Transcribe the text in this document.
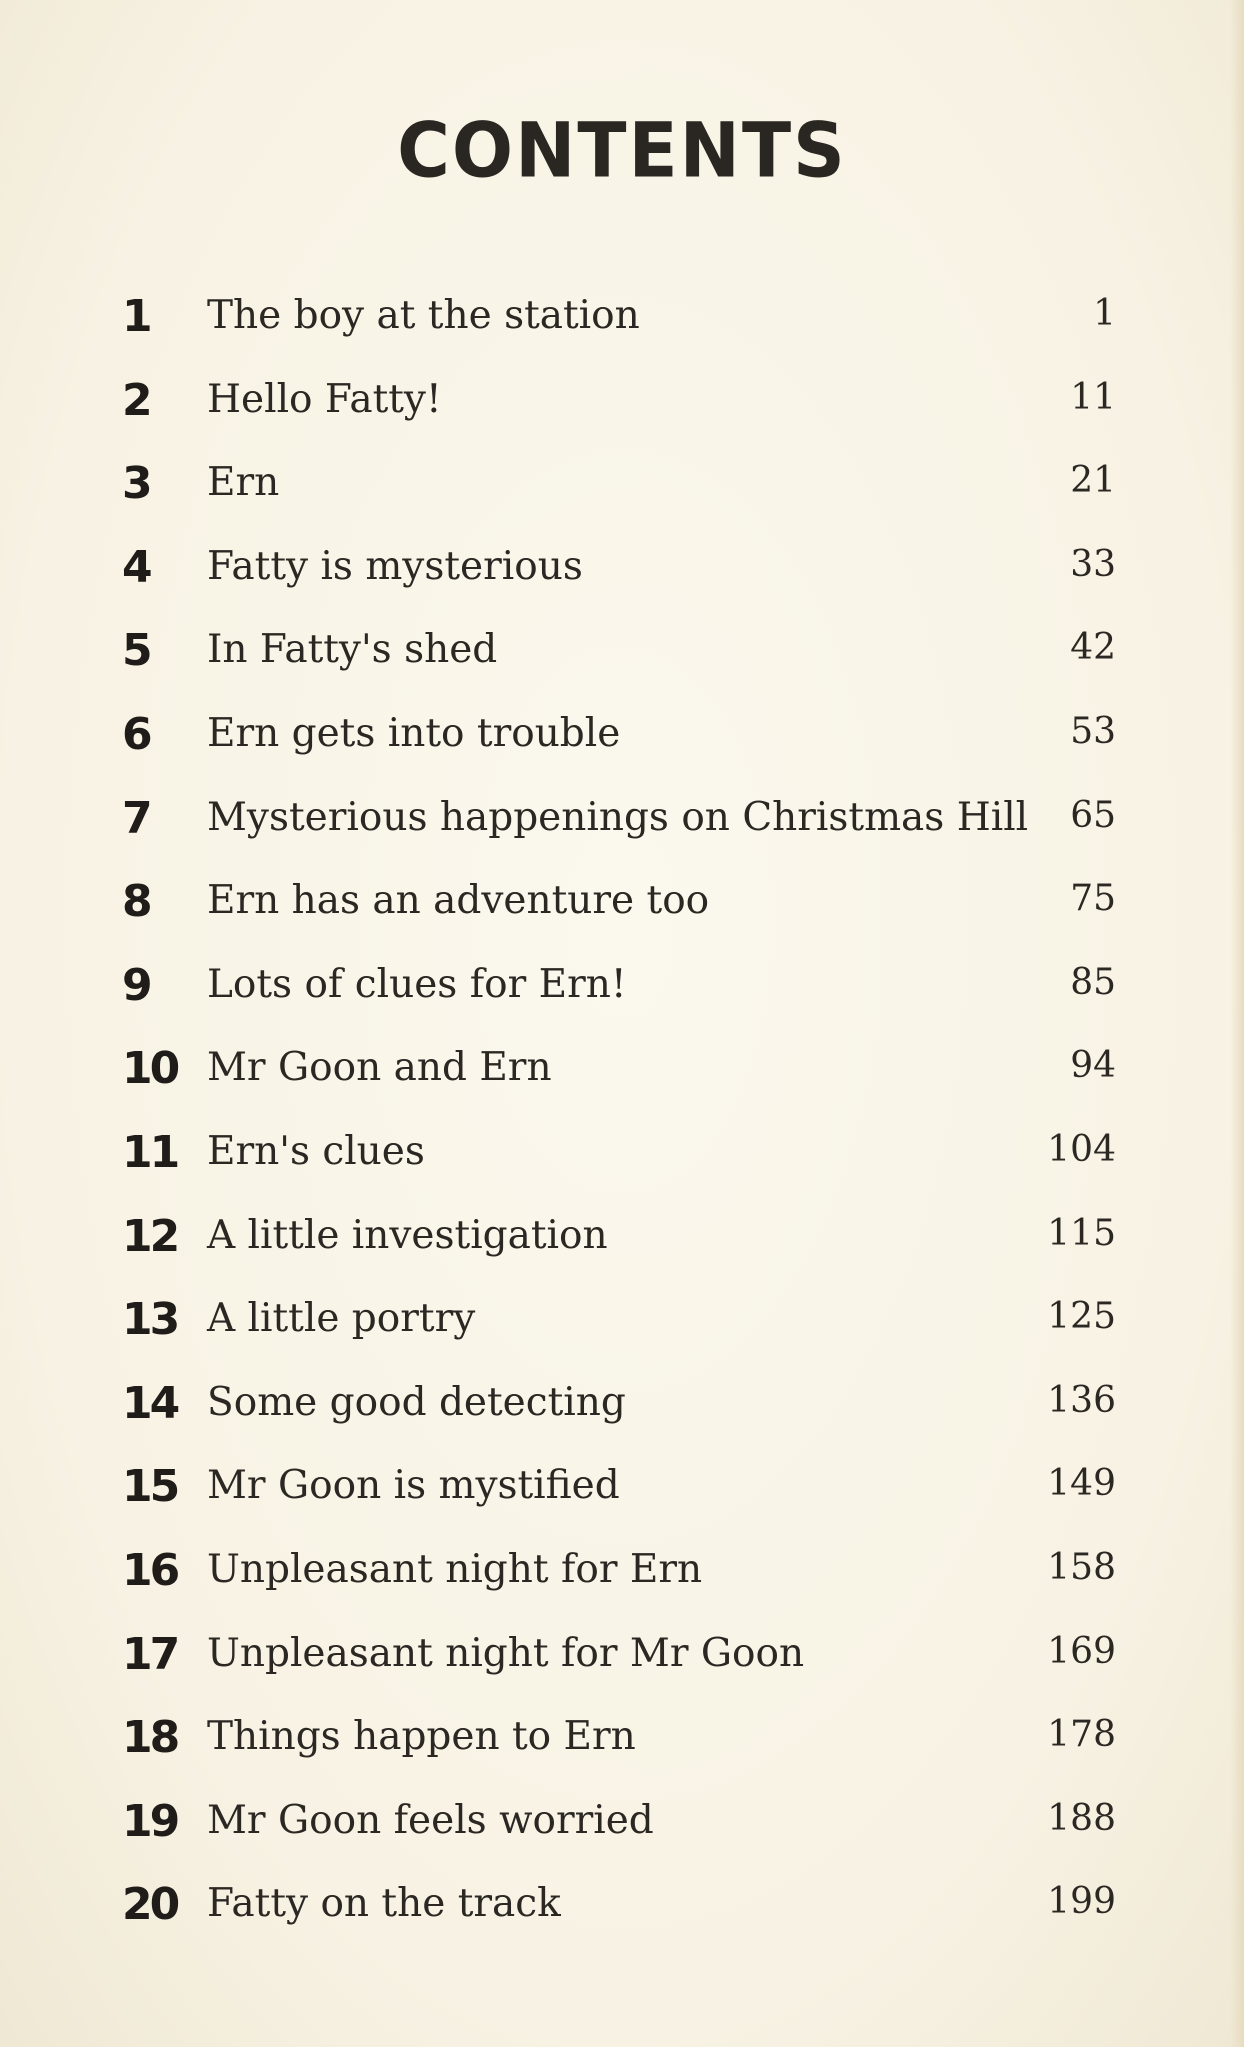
CONTENTS
1	The boy at the station	1
2	Hello Fatty!	11
3	Ern	21
4	Fatty is mysterious	33
5	In Fatty's shed	42
6	Ern gets into trouble	53
7	Mysterious happenings on Christmas Hill 65
8	Ern has an adventure too	75
9	Lots of clues for Ern!	85
10 Mr Goon and Ern	94
11 Ern's clues	104
12 A little investigation	115
13 A little portry	125
14 Some good detecting	136
15 Mr Goon is mystified	149
16 Unpleasant night for Ern	158
17 Unpleasant night for Mr Goon	169
18 Things happen to Ern	178
19 Mr Goon feels worried	188
20 Fatty on the track	199
